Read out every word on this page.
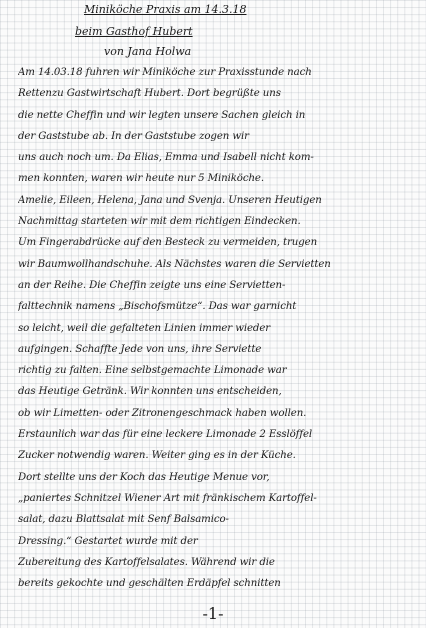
Miniköche Praxis am 14.3.18
beim Gasthof Hubert
von Jana Holwa
Am 14.03.18 fuhren wir Miniköche zur Praxisstunde nach
Rettenzu Gastwirtschaft Hubert. Dort begrüßte uns
die nette Cheffin und wir legten unsere Sachen gleich in
der Gaststube ab. In der Gaststube zogen wir
uns auch noch um. Da Elias, Emma und Isabell nicht kom-
men konnten, waren wir heute nur 5 Miniköche.
Amelie, Eileen, Helena, Jana und Svenja. Unseren Heutigen
Nachmittag starteten wir mit dem richtigen Eindecken.
Um Fingerabdrücke auf den Besteck zu vermeiden, trugen
wir Baumwollhandschuhe. Als Nächstes waren die Servietten
an der Reihe. Die Cheffin zeigte uns eine Servietten-
falttechnik namens „Bischofsmütze“. Das war garnicht
so leicht, weil die gefalteten Linien immer wieder
aufgingen. Schaffte Jede von uns, ihre Serviette
richtig zu falten. Eine selbstgemachte Limonade war
das Heutige Getränk. Wir konnten uns entscheiden,
ob wir Limetten- oder Zitronengeschmack haben wollen.
Erstaunlich war das für eine leckere Limonade 2 Esslöffel
Zucker notwendig waren. Weiter ging es in der Küche.
Dort stellte uns der Koch das Heutige Menue vor,
„paniertes Schnitzel Wiener Art mit fränkischem Kartoffel-
salat, dazu Blattsalat mit Senf Balsamico-
Dressing.“ Gestartet wurde mit der
Zubereitung des Kartoffelsalates. Während wir die
bereits gekochte und geschälten Erdäpfel schnitten
-1-
